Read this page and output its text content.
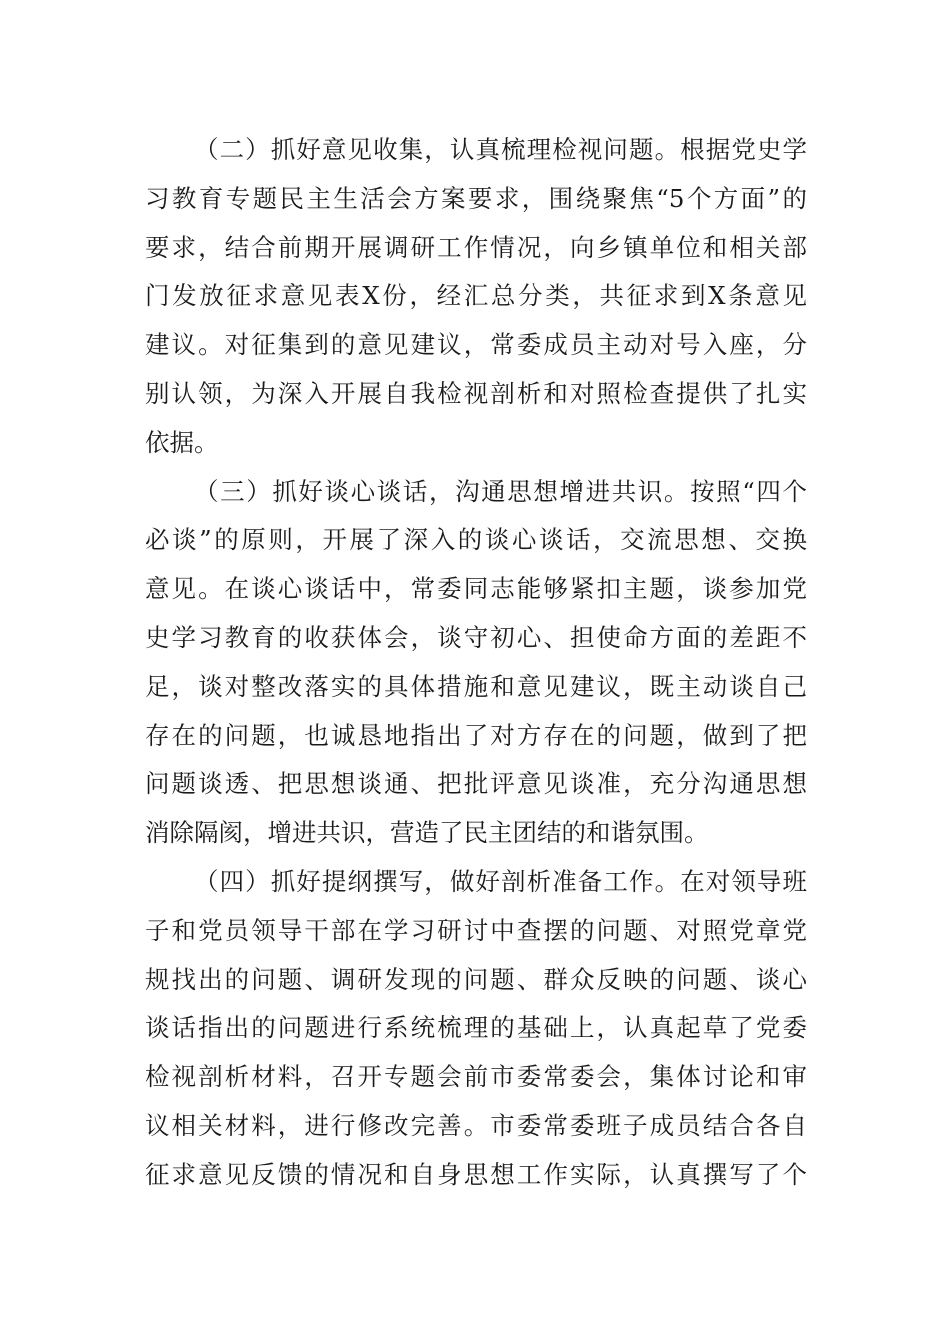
（二）抓好意见收集，认真梳理检视问题。根据党史学
习教育专题民主生活会方案要求，围绕聚焦“5个方面”的
要求，结合前期开展调研工作情况，向乡镇单位和相关部
门发放征求意见表X份，经汇总分类，共征求到X条意见
建议。对征集到的意见建议，常委成员主动对号入座，分
别认领，为深入开展自我检视剖析和对照检查提供了扎实
依据。
（三）抓好谈心谈话，沟通思想增进共识。按照“四个
必谈”的原则，开展了深入的谈心谈话，交流思想、交换
意见。在谈心谈话中，常委同志能够紧扣主题，谈参加党
史学习教育的收获体会，谈守初心、担使命方面的差距不
足，谈对整改落实的具体措施和意见建议，既主动谈自己
存在的问题，也诚恳地指出了对方存在的问题，做到了把
问题谈透、把思想谈通、把批评意见谈准，充分沟通思想
消除隔阂，增进共识，营造了民主团结的和谐氛围。
（四）抓好提纲撰写，做好剖析准备工作。在对领导班
子和党员领导干部在学习研讨中查摆的问题、对照党章党
规找出的问题、调研发现的问题、群众反映的问题、谈心
谈话指出的问题进行系统梳理的基础上，认真起草了党委
检视剖析材料，召开专题会前市委常委会，集体讨论和审
议相关材料，进行修改完善。市委常委班子成员结合各自
征求意见反馈的情况和自身思想工作实际，认真撰写了个
